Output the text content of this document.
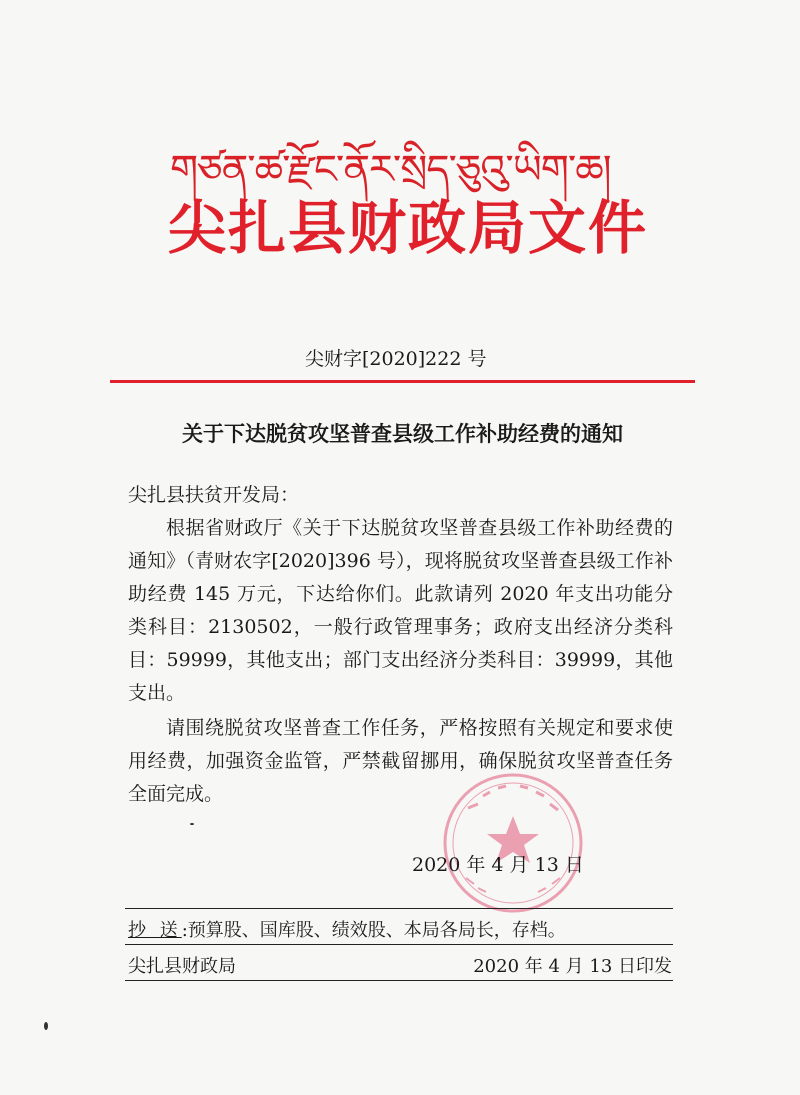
གཙན་ཚ་རྫོང་ནོར་སྲིད་ཅུའུ་ཡིག་ཆ།
尖扎县财政局文件
尖财字[2020]222 号
关于下达脱贫攻坚普查县级工作补助经费的通知
尖扎县扶贫开发局：
根据省财政厅《关于下达脱贫攻坚普查县级工作补助经费的通知》（青财农字[2020]396 号），现将脱贫攻坚普查县级工作补助经费 145 万元，下达给你们。此款请列 2020 年支出功能分类科目：2130502，一般行政管理事务；政府支出经济分类科目：59999，其他支出；部门支出经济分类科目：39999，其他支出。
请围绕脱贫攻坚普查工作任务，严格按照有关规定和要求使用经费，加强资金监管，严禁截留挪用，确保脱贫攻坚普查任务全面完成。
2020 年 4 月 13 日
抄 送:预算股、国库股、绩效股、本局各局长，存档。
尖扎县财政局	2020 年 4 月 13 日印发
